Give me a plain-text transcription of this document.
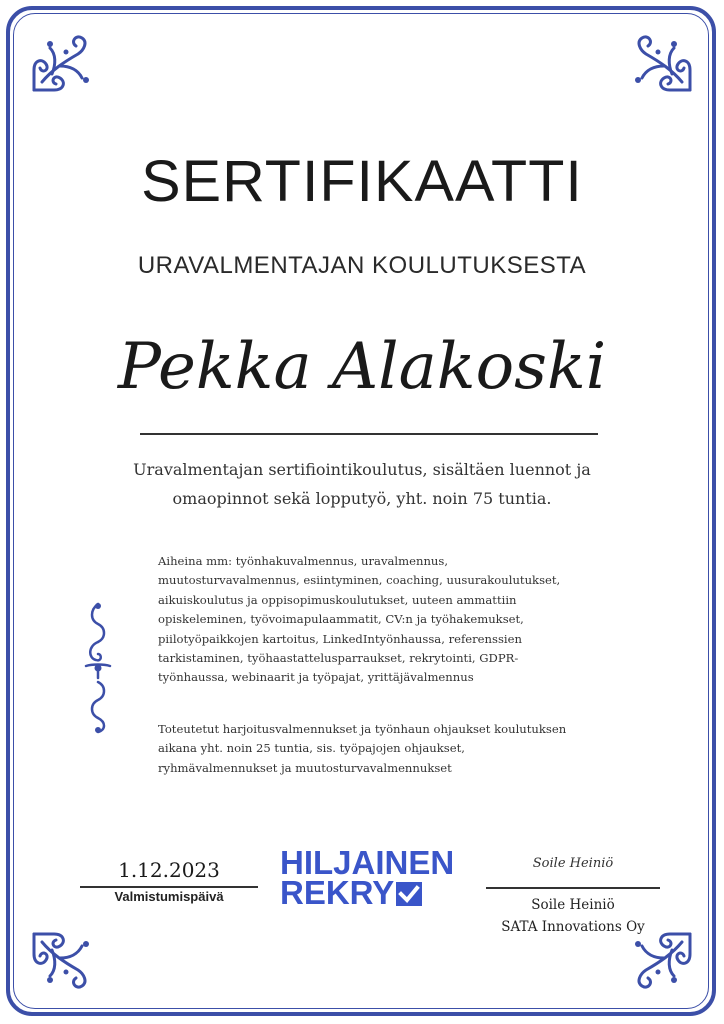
SERTIFIKAATTI
URAVALMENTAJAN KOULUTUKSESTA
Pekka Alakoski
Uravalmentajan sertifiointikoulutus, sisältäen luennot ja omaopinnot sekä lopputyö, yht. noin 75 tuntia.
Aiheina mm: työnhakuvalmennus, uravalmennus,
muutosturvavalmennus, esiintyminen, coaching, uusurakoulutukset,
aikuiskoulutus ja oppisopimuskoulutukset, uuteen ammattiin
opiskeleminen, työvoimapulaammatit, CV:n ja työhakemukset,
piilotyöpaikkojen kartoitus, LinkedIntyönhaussa, referenssien
tarkistaminen, työhaastattelusparraukset, rekrytointi, GDPR-
työnhaussa, webinaarit ja työpajat, yrittäjävalmennus
Toteutetut harjoitusvalmennukset ja työnhaun ohjaukset koulutuksen
aikana yht. noin 25 tuntia, sis. työpajojen ohjaukset,
ryhmävalmennukset ja muutosturvavalmennukset
1.12.2023
Valmistumispäivä
HILJAINEN
REKRY
Soile Heiniö
Soile Heiniö
SATA Innovations Oy
